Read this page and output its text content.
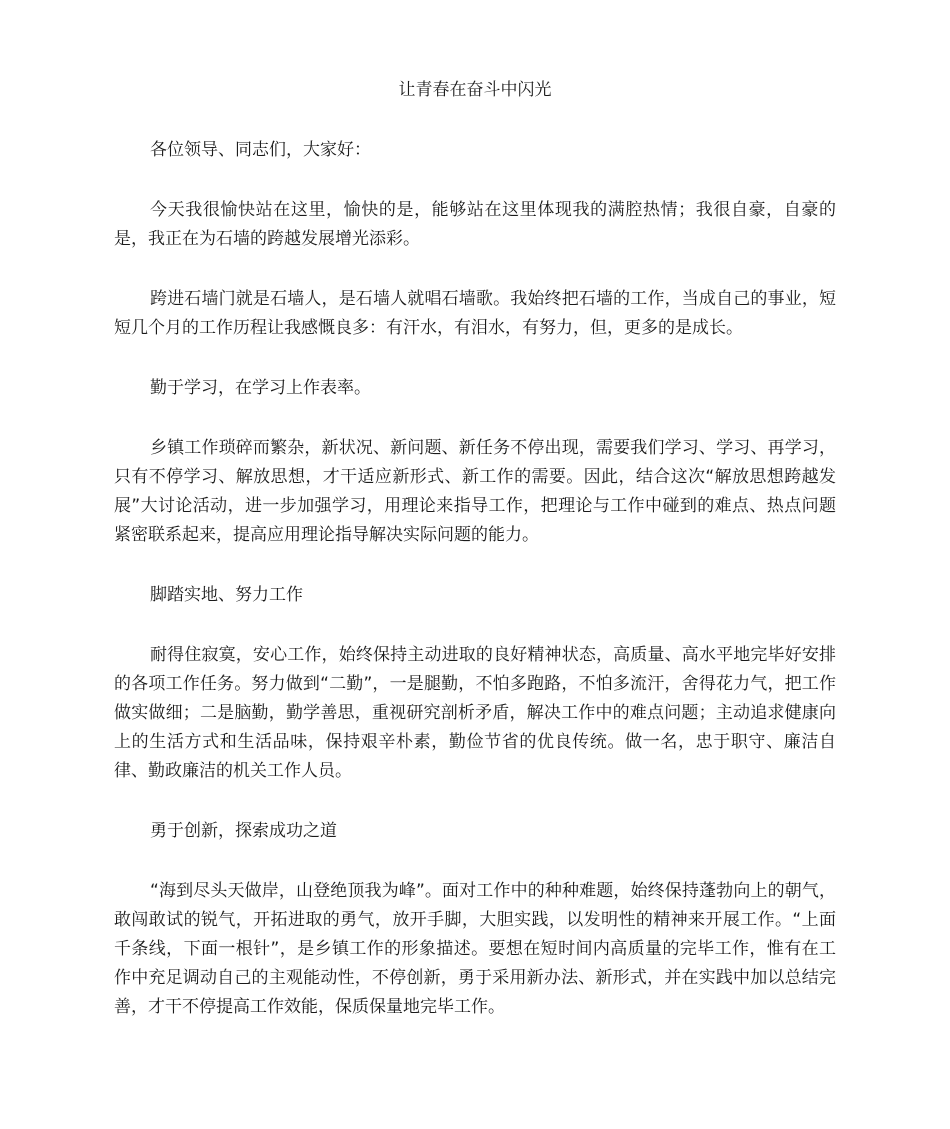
让青春在奋斗中闪光

各位领导、同志们，大家好：

今天我很愉快站在这里，愉快的是，能够站在这里体现我的满腔热情；我很自豪，自豪的是，我正在为石墙的跨越发展增光添彩。

跨进石墙门就是石墙人，是石墙人就唱石墙歌。我始终把石墙的工作，当成自己的事业，短短几个月的工作历程让我感慨良多：有汗水，有泪水，有努力，但，更多的是成长。

勤于学习，在学习上作表率。

乡镇工作琐碎而繁杂，新状况、新问题、新任务不停出现，需要我们学习、学习、再学习，只有不停学习、解放思想，才干适应新形式、新工作的需要。因此，结合这次“解放思想跨越发展”大讨论活动，进一步加强学习，用理论来指导工作，把理论与工作中碰到的难点、热点问题紧密联系起来，提高应用理论指导解决实际问题的能力。

脚踏实地、努力工作

耐得住寂寞，安心工作，始终保持主动进取的良好精神状态，高质量、高水平地完毕好安排的各项工作任务。努力做到“二勤”，一是腿勤，不怕多跑路，不怕多流汗，舍得花力气，把工作做实做细；二是脑勤，勤学善思，重视研究剖析矛盾，解决工作中的难点问题；主动追求健康向上的生活方式和生活品味，保持艰辛朴素，勤俭节省的优良传统。做一名，忠于职守、廉洁自律、勤政廉洁的机关工作人员。

勇于创新，探索成功之道

“海到尽头天做岸，山登绝顶我为峰”。面对工作中的种种难题，始终保持蓬勃向上的朝气，敢闯敢试的锐气，开拓进取的勇气，放开手脚，大胆实践，以发明性的精神来开展工作。“上面千条线，下面一根针”，是乡镇工作的形象描述。要想在短时间内高质量的完毕工作，惟有在工作中充足调动自己的主观能动性，不停创新，勇于采用新办法、新形式，并在实践中加以总结完善，才干不停提高工作效能，保质保量地完毕工作。
